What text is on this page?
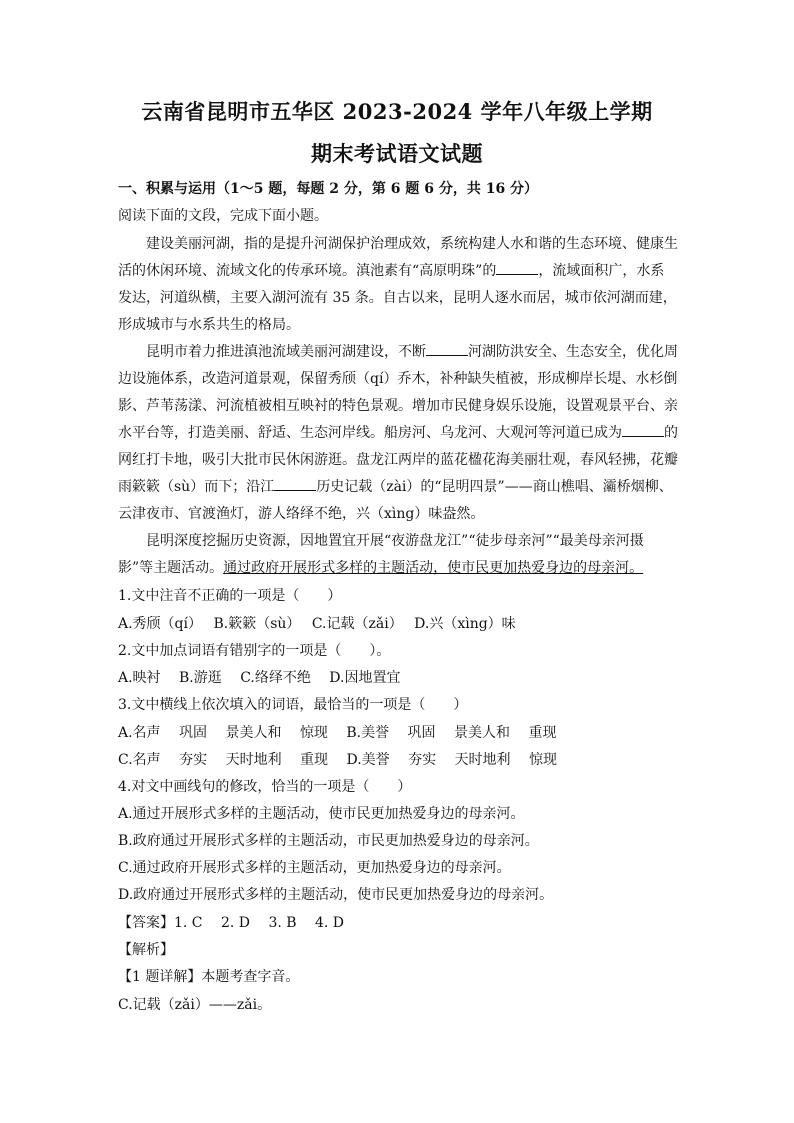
云南省昆明市五华区 2023-2024 学年八年级上学期
期末考试语文试题
一、积累与运用（1～5 题，每题 2 分，第 6 题 6 分，共 16 分）
阅读下面的文段，完成下面小题。
建设美丽河湖，指的是提升河湖保护治理成效，系统构建人水和谐的生态环境、健康生
活的休闲环境、流域文化的传承环境。滇池素有“高原明珠”的	，流域面积广，水系
发达，河道纵横，主要入湖河流有 35 条。自古以来，昆明人逐水而居，城市依河湖而建，
形成城市与水系共生的格局。
昆明市着力推进滇池流域美丽河湖建设，不断	河湖防洪安全、生态安全，优化周
边设施体系，改造河道景观，保留秀颀（qí）乔木，补种缺失植被，形成柳岸长堤、水杉倒
影、芦苇荡漾、河流植被相互映衬的特色景观。增加市民健身娱乐设施，设置观景平台、亲
水平台等，打造美丽、舒适、生态河岸线。船房河、乌龙河、大观河等河道已成为	的
网红打卡地，吸引大批市民休闲游逛。盘龙江两岸的蓝花楹花海美丽壮观，春风轻拂，花瓣
雨簌簌（sù）而下；沿江	历史记载（zài）的“昆明四景”——商山樵唱、灞桥烟柳、
云津夜市、官渡渔灯，游人络绎不绝，兴（xìng）味盎然。
昆明深度挖掘历史资源，因地置宜开展“夜游盘龙江”“徒步母亲河”“最美母亲河摄
影”等主题活动。通过政府开展形式多样的主题活动，使市民更加热爱身边的母亲河。
1.文中注音不正确的一项是（　　）
A.秀颀（qí）　 B.簌簌（sù）　 C.记载（zǎi）　 D.兴（xìng）味
2.文中加点词语有错别字的一项是（　　）。
A.映衬　 B.游逛　 C.络绎不绝　 D.因地置宜
3.文中横线上依次填入的词语，最恰当的一项是（　　）
A.名声　 巩固　 景美人和　 惊现　 B.美誉　 巩固　 景美人和　 重现
C.名声　 夯实　 天时地利　 重现　 D.美誉　 夯实　 天时地利　 惊现
4.对文中画线句的修改，恰当的一项是（　　）
A.通过开展形式多样的主题活动，使市民更加热爱身边的母亲河。
B.政府通过开展形式多样的主题活动，市民更加热爱身边的母亲河。
C.通过政府开展形式多样的主题活动，更加热爱身边的母亲河。
D.政府通过开展形式多样的主题活动，使市民更加热爱身边的母亲河。
【答案】1. C　 2. D　 3. B　 4. D
【解析】
【1 题详解】本题考查字音。
C.记载（zǎi）——zǎi。
